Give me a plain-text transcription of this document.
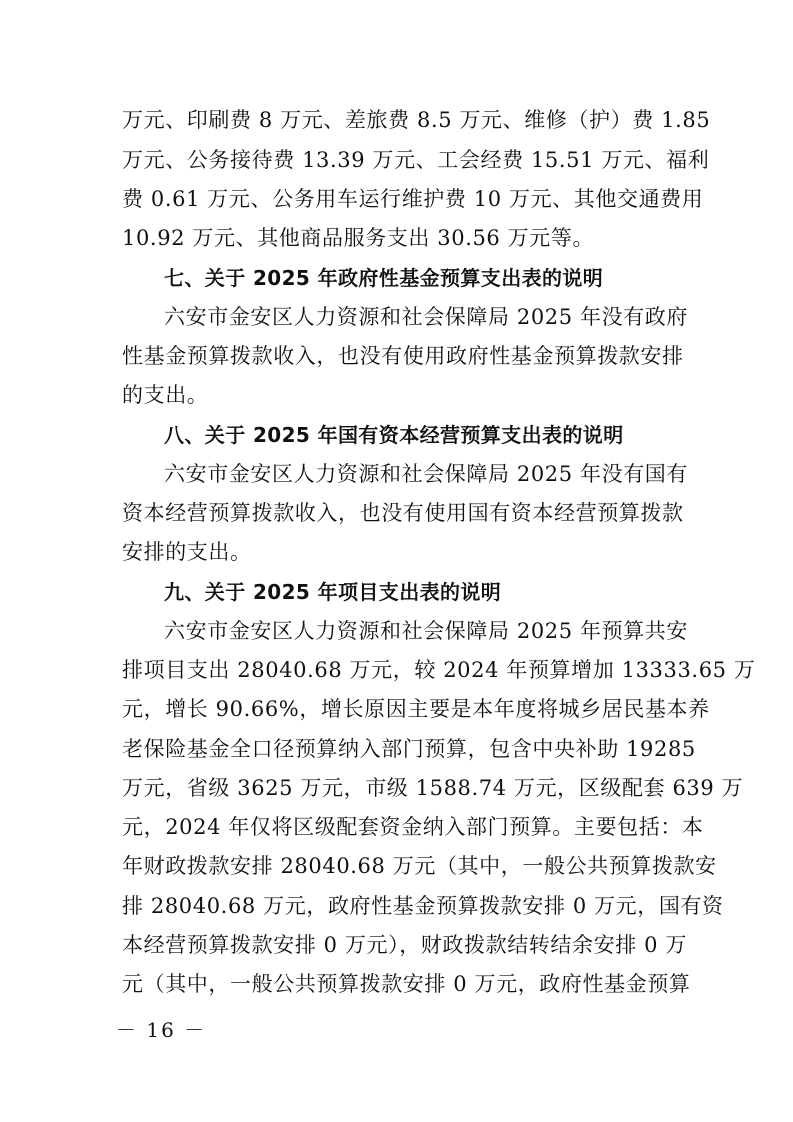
万元、印刷费 8 万元、差旅费 8.5 万元、维修（护）费 1.85
万元、公务接待费 13.39 万元、工会经费 15.51 万元、福利
费 0.61 万元、公务用车运行维护费 10 万元、其他交通费用
10.92 万元、其他商品服务支出 30.56 万元等。
七、关于 2025 年政府性基金预算支出表的说明
六安市金安区人力资源和社会保障局 2025 年没有政府
性基金预算拨款收入，也没有使用政府性基金预算拨款安排
的支出。
八、关于 2025 年国有资本经营预算支出表的说明
六安市金安区人力资源和社会保障局 2025 年没有国有
资本经营预算拨款收入，也没有使用国有资本经营预算拨款
安排的支出。
九、关于 2025 年项目支出表的说明
六安市金安区人力资源和社会保障局 2025 年预算共安
排项目支出 28040.68 万元，较 2024 年预算增加 13333.65 万
元，增长 90.66%，增长原因主要是本年度将城乡居民基本养
老保险基金全口径预算纳入部门预算，包含中央补助 19285
万元，省级 3625 万元，市级 1588.74 万元，区级配套 639 万
元，2024 年仅将区级配套资金纳入部门预算。主要包括：本
年财政拨款安排 28040.68 万元（其中，一般公共预算拨款安
排 28040.68 万元，政府性基金预算拨款安排 0 万元，国有资
本经营预算拨款安排 0 万元），财政拨款结转结余安排 0 万
元（其中，一般公共预算拨款安排 0 万元，政府性基金预算
－ 16 －
